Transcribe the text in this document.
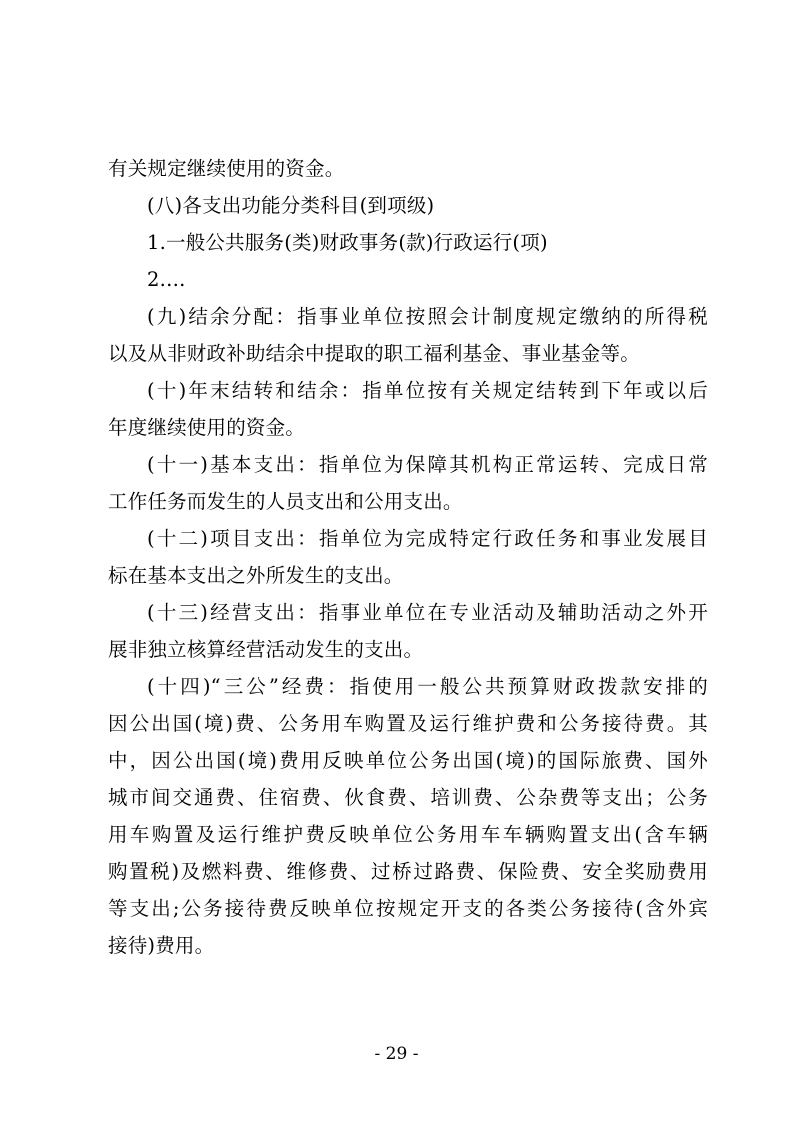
有关规定继续使用的资金。
(八)各支出功能分类科目(到项级)
1.一般公共服务(类)财政事务(款)行政运行(项)
2.…
(九)结余分配：指事业单位按照会计制度规定缴纳的所得税
以及从非财政补助结余中提取的职工福利基金、事业基金等。
(十)年末结转和结余：指单位按有关规定结转到下年或以后
年度继续使用的资金。
(十一)基本支出：指单位为保障其机构正常运转、完成日常
工作任务而发生的人员支出和公用支出。
(十二)项目支出：指单位为完成特定行政任务和事业发展目
标在基本支出之外所发生的支出。
(十三)经营支出：指事业单位在专业活动及辅助活动之外开
展非独立核算经营活动发生的支出。
(十四)“三公”经费：指使用一般公共预算财政拨款安排的
因公出国(境)费、公务用车购置及运行维护费和公务接待费。其
中，因公出国(境)费用反映单位公务出国(境)的国际旅费、国外
城市间交通费、住宿费、伙食费、培训费、公杂费等支出；公务
用车购置及运行维护费反映单位公务用车车辆购置支出(含车辆
购置税)及燃料费、维修费、过桥过路费、保险费、安全奖励费用
等支出;公务接待费反映单位按规定开支的各类公务接待(含外宾
接待)费用。
- 29 -
